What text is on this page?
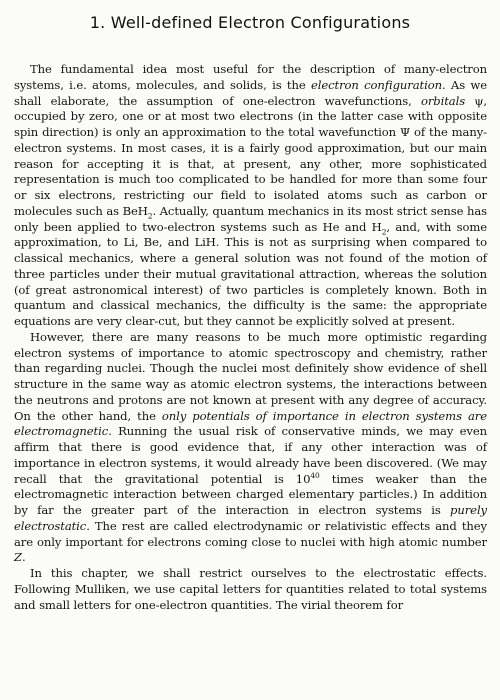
1. Well-defined Electron Configurations

The fundamental idea most useful for the description of many-electron systems, i.e. atoms, molecules, and solids, is the electron configuration. As we shall elaborate, the assumption of one-electron wavefunctions, orbitals ψ, occupied by zero, one or at most two electrons (in the latter case with opposite spin direction) is only an approximation to the total wavefunction Ψ of the many-electron systems. In most cases, it is a fairly good approximation, but our main reason for accepting it is that, at present, any other, more sophisticated representation is much too complicated to be handled for more than some four or six electrons, restricting our field to isolated atoms such as carbon or molecules such as BeH$_2$. Actually, quantum mechanics in its most strict sense has only been applied to two-electron systems such as He and $H_2$, and, with some approximation, to Li, Be, and LiH. This is not as surprising when compared to classical mechanics, where a general solution was not found of the motion of three particles under their mutual gravitational attraction, whereas the solution (of great astronomical interest) of two particles is completely known. Both in quantum and classical mechanics, the difficulty is the same: the appropriate equations are very clear-cut, but they cannot be explicitly solved at present.

However, there are many reasons to be much more optimistic regarding electron systems of importance to atomic spectroscopy and chemistry, rather than regarding nuclei. Though the nuclei most definitely show evidence of shell structure in the same way as atomic electron systems, the interactions between the neutrons and protons are not known at present with any degree of accuracy. On the other hand, the only potentials of importance in electron systems are electromagnetic. Running the usual risk of conservative minds, we may even affirm that there is good evidence that, if any other interaction was of importance in electron systems, it would already have been discovered. (We may recall that the gravitational potential is $10^{40}$ times weaker than the electromagnetic interaction between charged elementary particles.) In addition by far the greater part of the interaction in electron systems is purely electrostatic. The rest are called electrodynamic or relativistic effects and they are only important for electrons coming close to nuclei with high atomic number Z.

In this chapter, we shall restrict ourselves to the electrostatic effects. Following Mulliken, we use capital letters for quantities related to total systems and small letters for one-electron quantities. The virial theorem for
